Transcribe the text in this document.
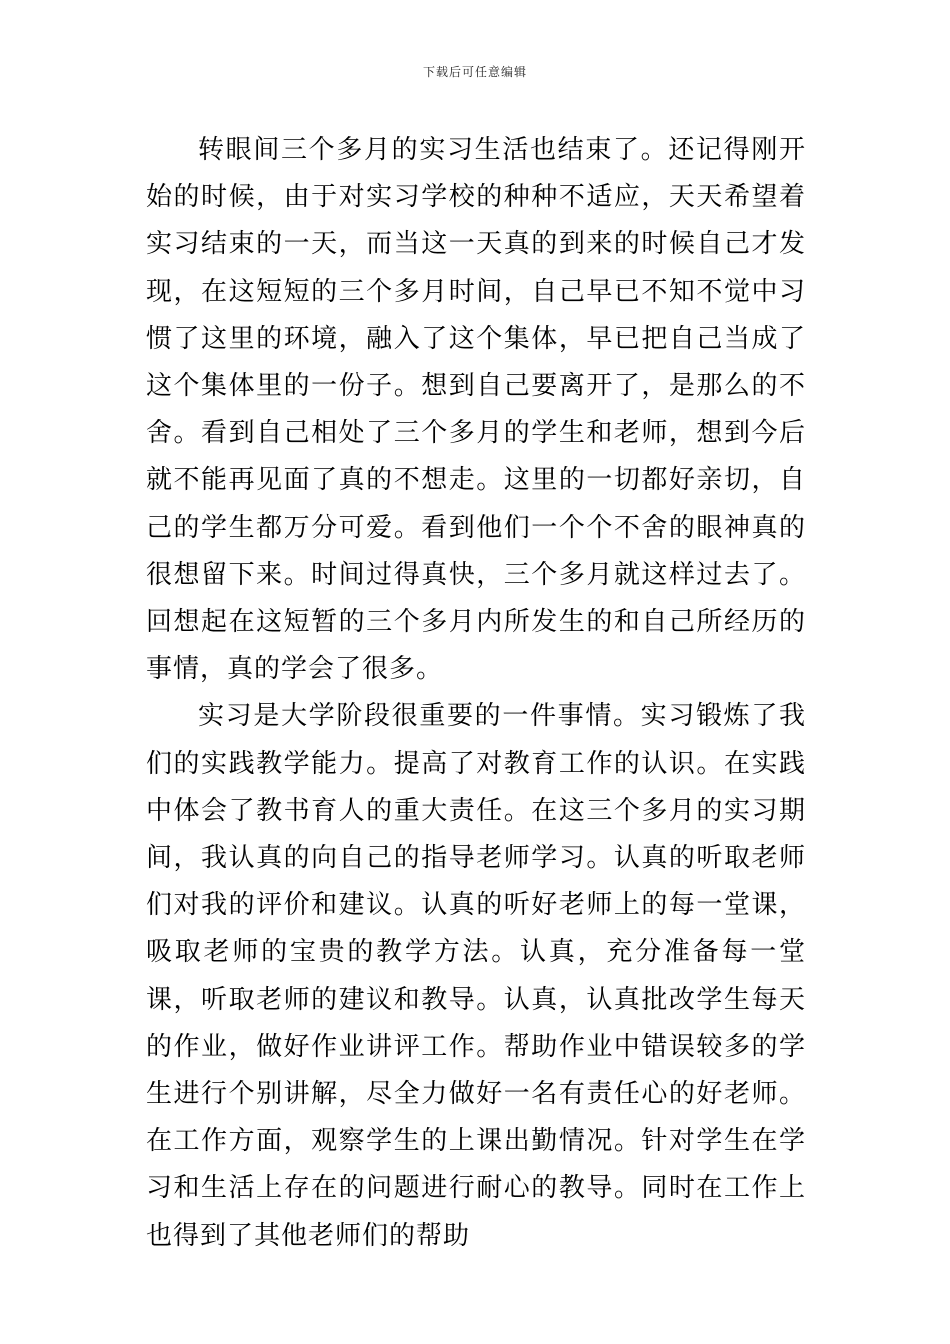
下载后可任意编辑

转眼间三个多月的实习生活也结束了。还记得刚开始的时候，由于对实习学校的种种不适应，天天希望着实习结束的一天，而当这一天真的到来的时候自己才发现，在这短短的三个多月时间，自己早已不知不觉中习惯了这里的环境，融入了这个集体，早已把自己当成了这个集体里的一份子。想到自己要离开了，是那么的不舍。看到自己相处了三个多月的学生和老师，想到今后就不能再见面了真的不想走。这里的一切都好亲切，自己的学生都万分可爱。看到他们一个个不舍的眼神真的很想留下来。时间过得真快，三个多月就这样过去了。回想起在这短暂的三个多月内所发生的和自己所经历的事情，真的学会了很多。

实习是大学阶段很重要的一件事情。实习锻炼了我们的实践教学能力。提高了对教育工作的认识。在实践中体会了教书育人的重大责任。在这三个多月的实习期间，我认真的向自己的指导老师学习。认真的听取老师们对我的评价和建议。认真的听好老师上的每一堂课，吸取老师的宝贵的教学方法。认真，充分准备每一堂课，听取老师的建议和教导。认真，认真批改学生每天的作业，做好作业讲评工作。帮助作业中错误较多的学生进行个别讲解，尽全力做好一名有责任心的好老师。在工作方面，观察学生的上课出勤情况。针对学生在学习和生活上存在的问题进行耐心的教导。同时在工作上也得到了其他老师们的帮助
